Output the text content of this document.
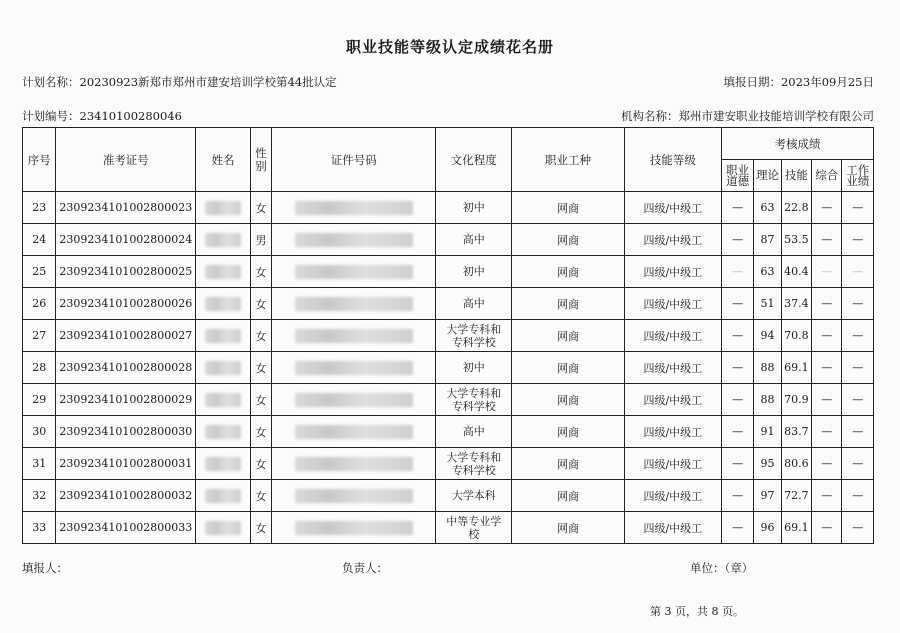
职业技能等级认定成绩花名册
计划名称：20230923新郑市郑州市建安培训学校第44批认定	填报日期：2023年09月25日
计划编号：23410100280046	机构名称：郑州市建安职业技能培训学校有限公司
序号	准考证号	姓名	性
别	证件号码	文化程度	职业工种	技能等级	考核成绩				
								职业
道德	理论	技能	综合	工作
业绩
23	230923410100280002​3		女		初中	网商	四级/中级工	—	63	22.8	—	—
24	2309234101002800024		男		高中	网商	四级/中级工	—	87	53.5	—	—
25	2309234101002800025		女		初中	网商	四级/中级工	—	63	40.4	—	—
26	2309234101002800026		女		高中	网商	四级/中级工	—	51	37.4	—	—
27	2309234101002800027		女		大学专科和
专科学校	网商	四级/中级工	—	94	70.8	—	—
28	2309234101002800028		女		初中	网商	四级/中级工	—	88	69.1	—	—
29	2309234101002800029		女		大学专科和
专科学校	网商	四级/中级工	—	88	70.9	—	—
30	2309234101002800030		女		高中	网商	四级/中级工	—	91	83.7	—	—
31	2309234101002800031		女		大学专科和
专科学校	网商	四级/中级工	—	95	80.6	—	—
32	2309234101002800032		女		大学本科	网商	四级/中级工	—	97	72.7	—	—
33	2309234101002800033		女		中等专业学
校	网商	四级/中级工	—	96	69.1	—	—
填报人：	负责人：	单位：（章）
第 3 页，共 8 页。
